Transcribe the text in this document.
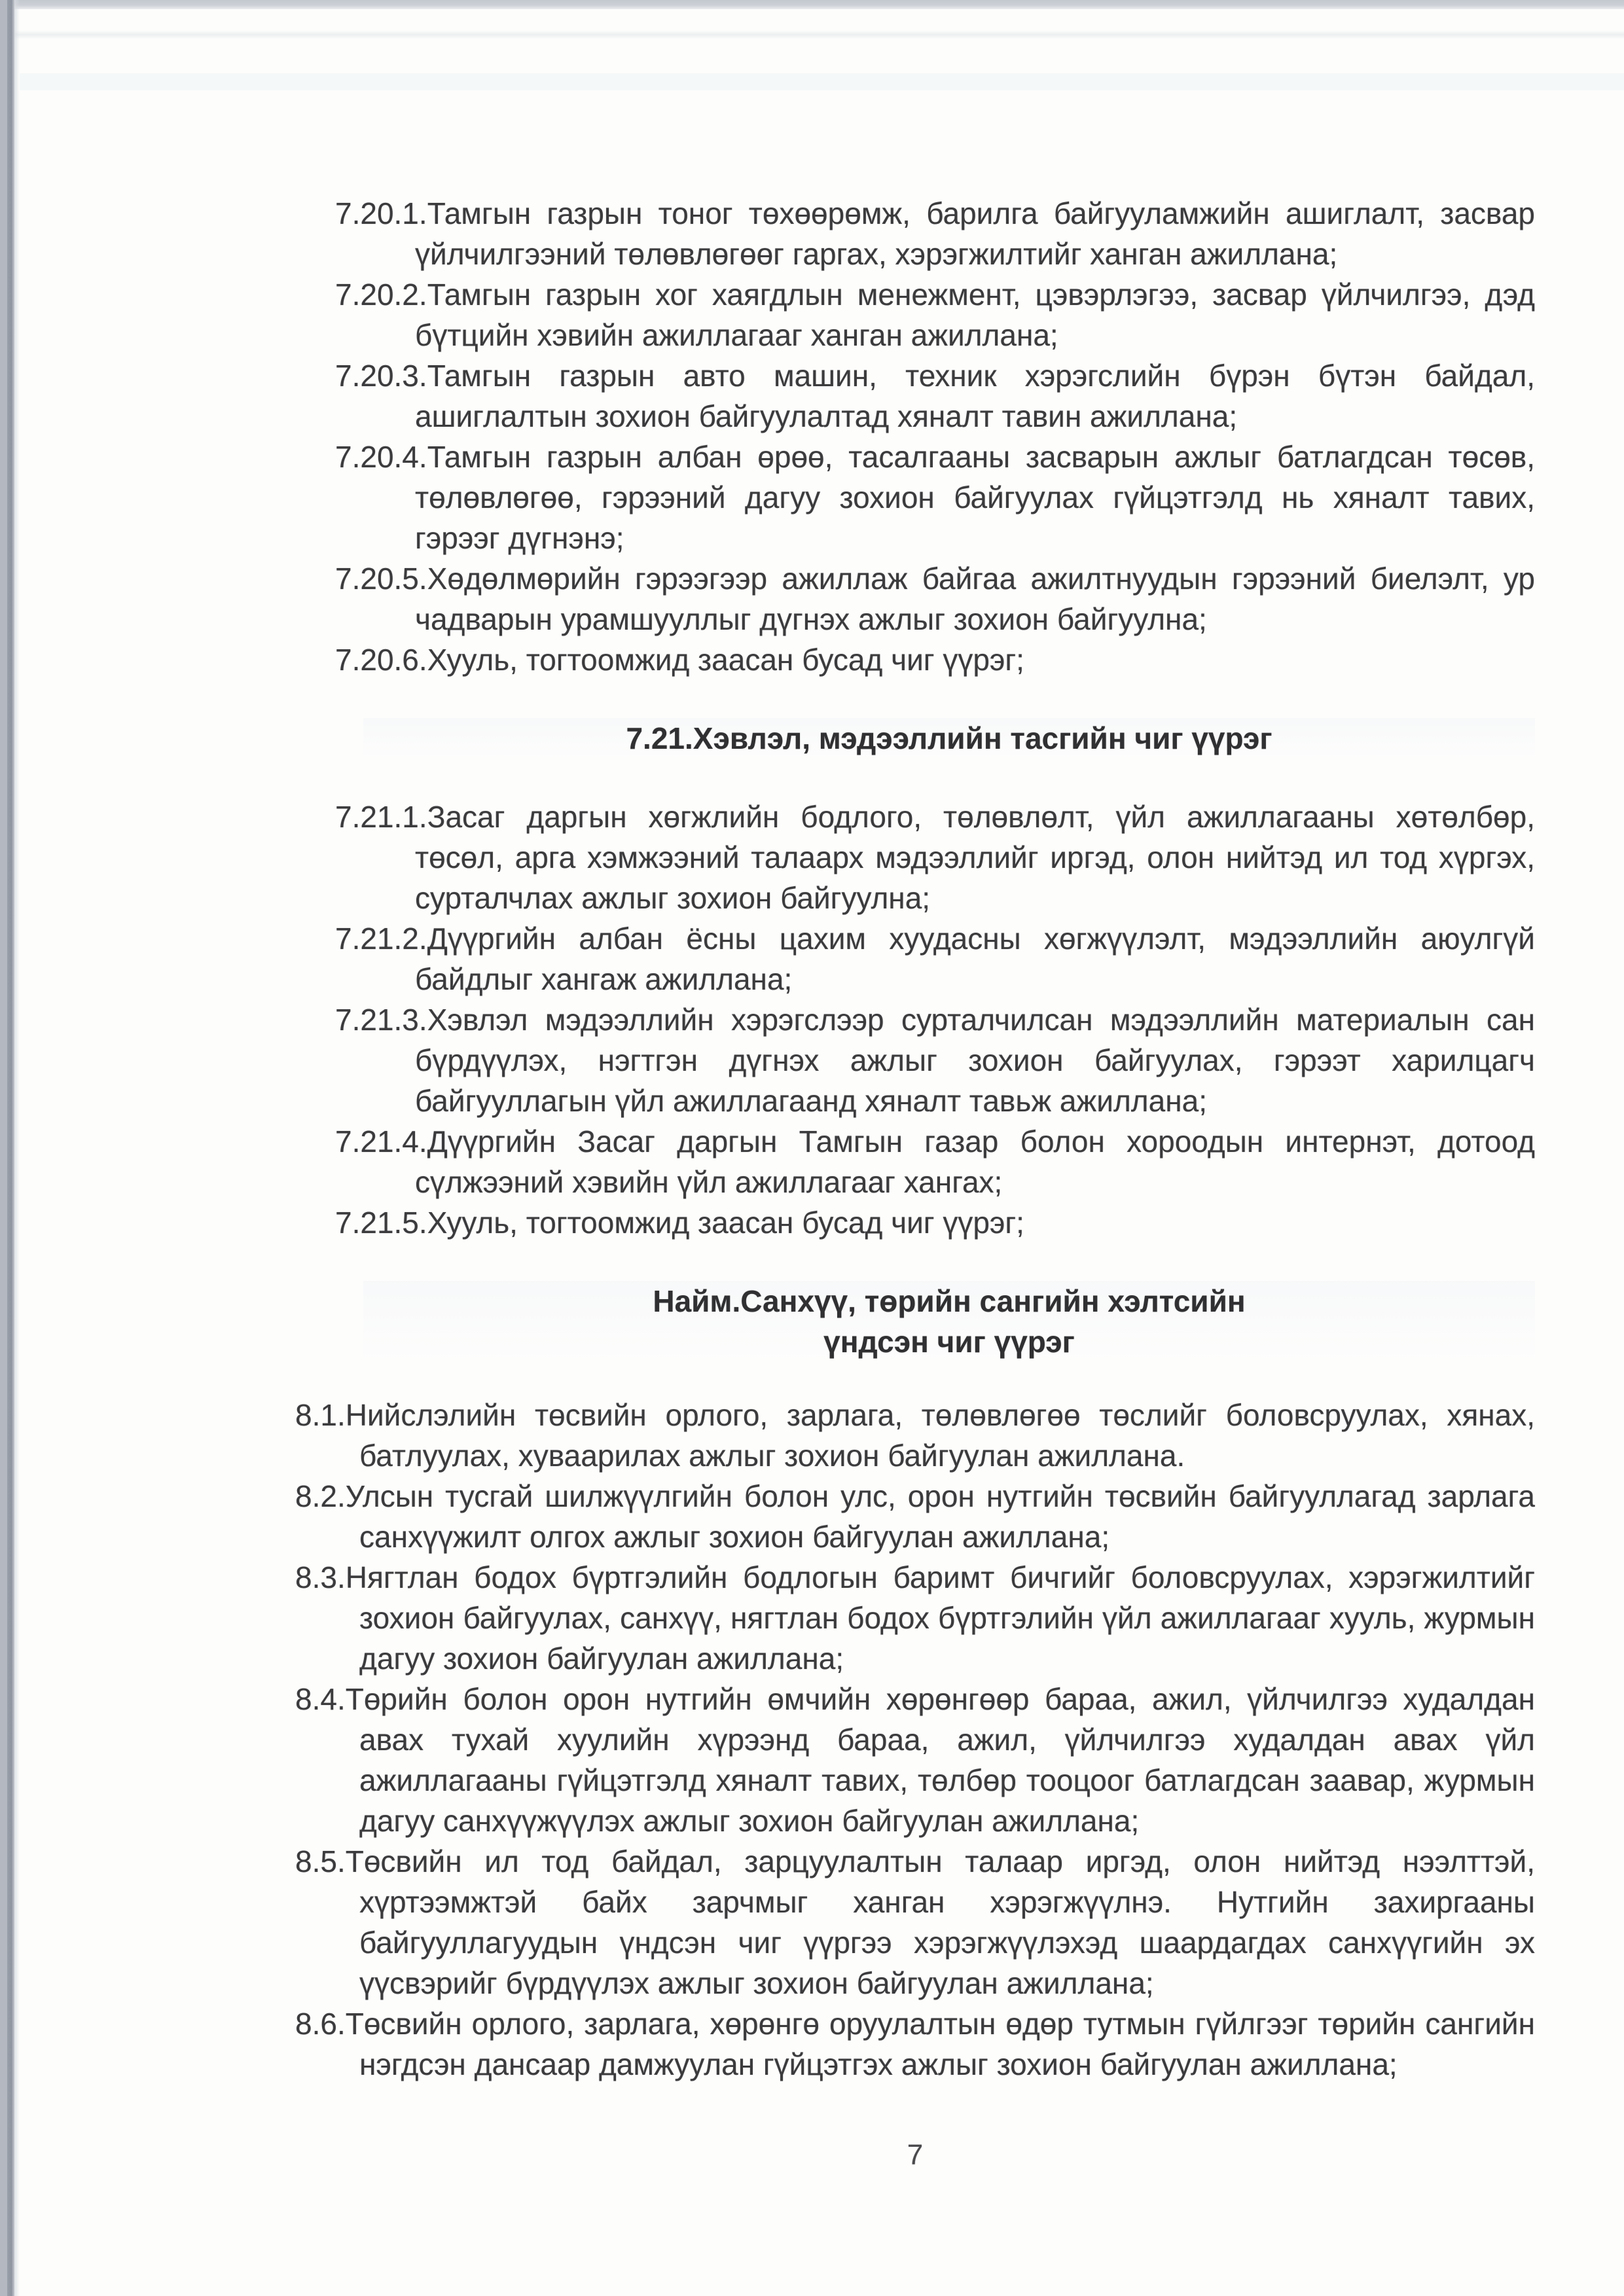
7.20.1.Тамгын газрын тоног төхөөрөмж, барилга байгууламжийн ашиглалт, засвар үйлчилгээний төлөвлөгөөг гаргах, хэрэгжилтийг ханган ажиллана;

7.20.2.Тамгын газрын хог хаягдлын менежмент, цэвэрлэгээ, засвар үйлчилгээ, дэд бүтцийн хэвийн ажиллагааг ханган ажиллана;

7.20.3.Тамгын газрын авто машин, техник хэрэгслийн бүрэн бүтэн байдал, ашиглалтын зохион байгуулалтад хяналт тавин ажиллана;

7.20.4.Тамгын газрын албан өрөө, тасалгааны засварын ажлыг батлагдсан төсөв, төлөвлөгөө, гэрээний дагуу зохион байгуулах гүйцэтгэлд нь хяналт тавих, гэрээг дүгнэнэ;

7.20.5.Хөдөлмөрийн гэрээгээр ажиллаж байгаа ажилтнуудын гэрээний биелэлт, ур чадварын урамшууллыг дүгнэх ажлыг зохион байгуулна;

7.20.6.Хууль, тогтоомжид заасан бусад чиг үүрэг;

7.21.Хэвлэл, мэдээллийн тасгийн чиг үүрэг

7.21.1.Засаг даргын хөгжлийн бодлого, төлөвлөлт, үйл ажиллагааны хөтөлбөр, төсөл, арга хэмжээний талаарх мэдээллийг иргэд, олон нийтэд ил тод хүргэх, сурталчлах ажлыг зохион байгуулна;

7.21.2.Дүүргийн албан ёсны цахим хуудасны хөгжүүлэлт, мэдээллийн аюулгүй байдлыг хангаж ажиллана;

7.21.3.Хэвлэл мэдээллийн хэрэгслээр сурталчилсан мэдээллийн материалын сан бүрдүүлэх, нэгтгэн дүгнэх ажлыг зохион байгуулах, гэрээт харилцагч байгууллагын үйл ажиллагаанд хяналт тавьж ажиллана;

7.21.4.Дүүргийн Засаг даргын Тамгын газар болон хороодын интернэт, дотоод сүлжээний хэвийн үйл ажиллагааг хангах;

7.21.5.Хууль, тогтоомжид заасан бусад чиг үүрэг;

Найм.Санхүү, төрийн сангийн хэлтсийн
үндсэн чиг үүрэг

8.1.Нийслэлийн төсвийн орлого, зарлага, төлөвлөгөө төслийг боловсруулах, хянах, батлуулах, хуваарилах ажлыг зохион байгуулан ажиллана.

8.2.Улсын тусгай шилжүүлгийн болон улс, орон нутгийн төсвийн байгууллагад зарлага санхүүжилт олгох ажлыг зохион байгуулан ажиллана;

8.3.Нягтлан бодох бүртгэлийн бодлогын баримт бичгийг боловсруулах, хэрэгжилтийг зохион байгуулах, санхүү, нягтлан бодох бүртгэлийн үйл ажиллагааг хууль, журмын дагуу зохион байгуулан ажиллана;

8.4.Төрийн болон орон нутгийн өмчийн хөрөнгөөр бараа, ажил, үйлчилгээ худалдан авах тухай хуулийн хүрээнд бараа, ажил, үйлчилгээ худалдан авах үйл ажиллагааны гүйцэтгэлд хяналт тавих, төлбөр тооцоог батлагдсан заавар, журмын дагуу санхүүжүүлэх ажлыг зохион байгуулан ажиллана;

8.5.Төсвийн ил тод байдал, зарцуулалтын талаар иргэд, олон нийтэд нээлттэй, хүртээмжтэй байх зарчмыг ханган хэрэгжүүлнэ. Нутгийн захиргааны байгууллагуудын үндсэн чиг үүргээ хэрэгжүүлэхэд шаардагдах санхүүгийн эх үүсвэрийг бүрдүүлэх ажлыг зохион байгуулан ажиллана;

8.6.Төсвийн орлого, зарлага, хөрөнгө оруулалтын өдөр тутмын гүйлгээг төрийн сангийн нэгдсэн дансаар дамжуулан гүйцэтгэх ажлыг зохион байгуулан ажиллана;

7
